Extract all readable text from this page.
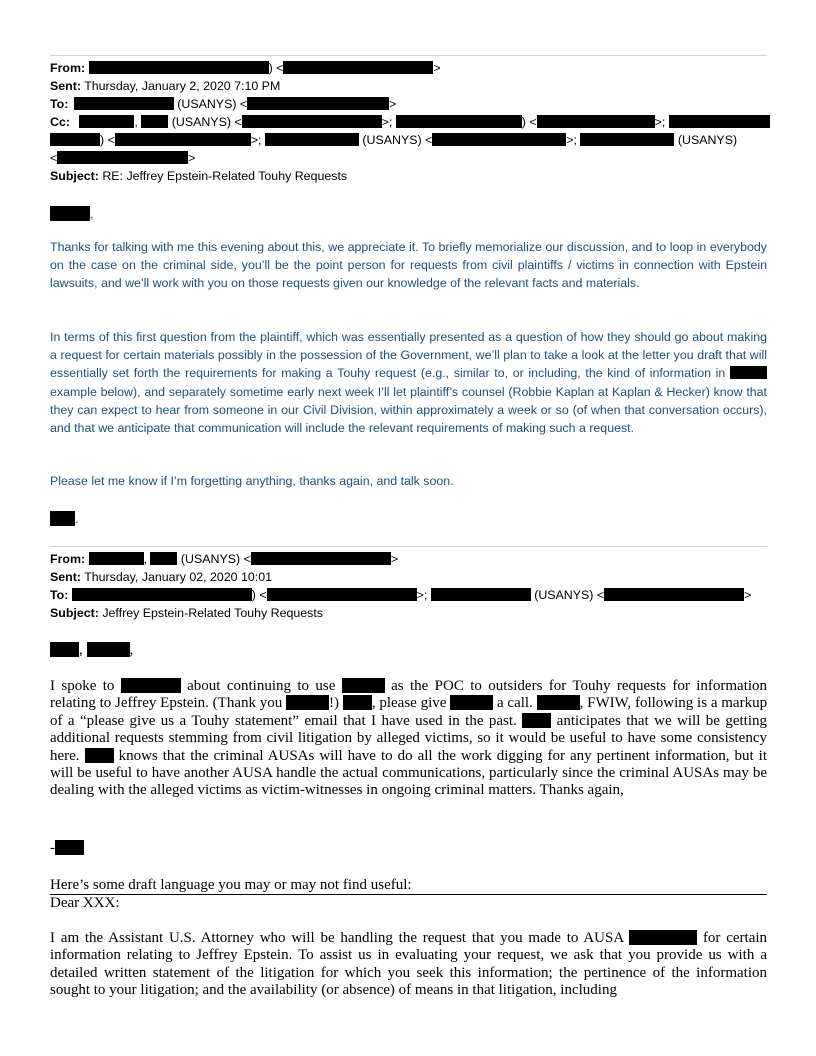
From:	) <	>
Sent: Thursday, January 2, 2020 7:10 PM
To:	(USANYS) <	>
Cc:	,  (USANYS) <	>;	) <	>;
) <	>;	(USANYS) <	>;	(USANYS)
<	>
Subject: RE: Jeffrey Epstein-Related Touhy Requests
,

Thanks for talking with me this evening about this, we appreciate it. To briefly memorialize our discussion, and to loop in everybody on the case on the criminal side, you’ll be the point person for requests from civil plaintiffs / victims in connection with Epstein lawsuits, and we’ll work with you on those requests given our knowledge of the relevant facts and materials.

In terms of this first question from the plaintiff, which was essentially presented as a question of how they should go about making a request for certain materials possibly in the possession of the Government, we’ll plan to take a look at the letter you draft that will essentially set forth the requirements for making a Touhy request (e.g., similar to, or including, the kind of information in  example below), and separately sometime early next week I’ll let plaintiff’s counsel (Robbie Kaplan at Kaplan & Hecker) know that they can expect to hear from someone in our Civil Division, within approximately a week or so (of when that conversation occurs), and that we anticipate that communication will include the relevant requirements of making such a request.

Please let me know if I’m forgetting anything, thanks again, and talk soon.

.
From:	,  (USANYS) <	>
Sent: Thursday, January 02, 2020 10:01
To:	) <	>;	(USANYS) <	>
Subject: Jeffrey Epstein-Related Touhy Requests
,	,

I spoke to	about continuing to use	as the POC to outsiders for Touhy requests for information relating to Jeffrey Epstein. (Thank you	!) , please give	a call.	, FWIW, following is a markup of a “please give us a Touhy statement” email that I have used in the past.	anticipates that we will be getting additional requests stemming from civil litigation by alleged victims, so it would be useful to have some consistency here.	knows that the criminal AUSAs will have to do all the work digging for any pertinent information, but it will be useful to have another AUSA handle the actual communications, particularly since the criminal AUSAs may be dealing with the alleged victims as victim-witnesses in ongoing criminal matters. Thanks again,

-
Here’s some draft language you may or may not find useful:
Dear XXX:

I am the Assistant U.S. Attorney who will be handling the request that you made to AUSA	for certain information relating to Jeffrey Epstein. To assist us in evaluating your request, we ask that you provide us with a detailed written statement of the litigation for which you seek this information; the pertinence of the information sought to your litigation; and the availability (or absence) of means in that litigation, including
